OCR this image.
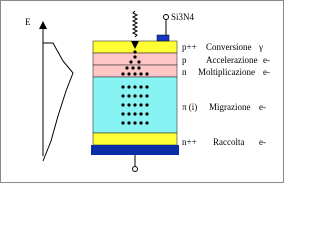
E	Si3N4
p++ Conversione γ
p Accelerazione e-
n Moltiplicazione e-
π (i) Migrazione e-
n++ Raccolta e-
